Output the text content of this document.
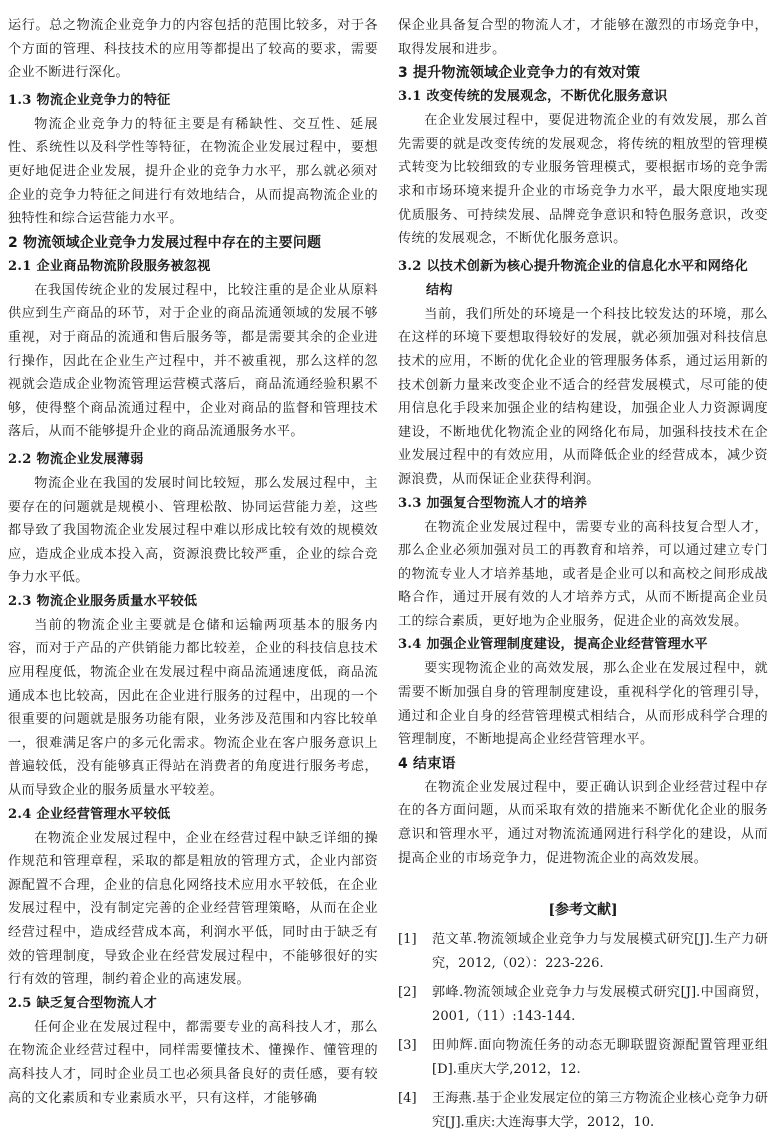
运行。总之物流企业竞争力的内容包括的范围比较多，对于各个方面的管理、科技技术的应用等都提出了较高的要求，需要企业不断进行深化。

1.3 物流企业竞争力的特征

物流企业竞争力的特征主要是有稀缺性、交互性、延展性、系统性以及科学性等特征，在物流企业发展过程中，要想更好地促进企业发展，提升企业的竞争力水平，那么就必须对企业的竞争力特征之间进行有效地结合，从而提高物流企业的独特性和综合运营能力水平。

2 物流领域企业竞争力发展过程中存在的主要问题
2.1 企业商品物流阶段服务被忽视

在我国传统企业的发展过程中，比较注重的是企业从原料供应到生产商品的环节，对于企业的商品流通领域的发展不够重视，对于商品的流通和售后服务等，都是需要其余的企业进行操作，因此在企业生产过程中，并不被重视，那么这样的忽视就会造成企业物流管理运营模式落后，商品流通经验积累不够，使得整个商品流通过程中，企业对商品的监督和管理技术落后，从而不能够提升企业的商品流通服务水平。

2.2 物流企业发展薄弱

物流企业在我国的发展时间比较短，那么发展过程中，主要存在的问题就是规模小、管理松散、协同运营能力差，这些都导致了我国物流企业发展过程中难以形成比较有效的规模效应，造成企业成本投入高，资源浪费比较严重，企业的综合竞争力水平低。

2.3 物流企业服务质量水平较低

当前的物流企业主要就是仓储和运输两项基本的服务内容，而对于产品的产供销能力都比较差，企业的科技信息技术应用程度低，物流企业在发展过程中商品流通速度低，商品流通成本也比较高，因此在企业进行服务的过程中，出现的一个很重要的问题就是服务功能有限，业务涉及范围和内容比较单一，很难满足客户的多元化需求。物流企业在客户服务意识上普遍较低，没有能够真正得站在消费者的角度进行服务考虑，从而导致企业的服务质量水平较差。

2.4 企业经营管理水平较低

在物流企业发展过程中，企业在经营过程中缺乏详细的操作规范和管理章程，采取的都是粗放的管理方式，企业内部资源配置不合理，企业的信息化网络技术应用水平较低，在企业发展过程中，没有制定完善的企业经营管理策略，从而在企业经营过程中，造成经营成本高，利润水平低，同时由于缺乏有效的管理制度，导致企业在经营发展过程中，不能够很好的实行有效的管理，制约着企业的高速发展。

2.5 缺乏复合型物流人才

任何企业在发展过程中，都需要专业的高科技人才，那么在物流企业经营过程中，同样需要懂技术、懂操作、懂管理的高科技人才，同时企业员工也必须具备良好的责任感，要有较高的文化素质和专业素质水平，只有这样，才能够确

保企业具备复合型的物流人才，才能够在激烈的市场竞争中，取得发展和进步。

3 提升物流领域企业竞争力的有效对策
3.1 改变传统的发展观念，不断优化服务意识

在企业发展过程中，要促进物流企业的有效发展，那么首先需要的就是改变传统的发展观念，将传统的粗放型的管理模式转变为比较细致的专业服务管理模式，要根据市场的竞争需求和市场环境来提升企业的市场竞争力水平，最大限度地实现优质服务、可持续发展、品牌竞争意识和特色服务意识，改变传统的发展观念，不断优化服务意识。

3.2 以技术创新为核心提升物流企业的信息化水平和网络化
结构

当前，我们所处的环境是一个科技比较发达的环境，那么在这样的环境下要想取得较好的发展，就必须加强对科技信息技术的应用，不断的优化企业的管理服务体系，通过运用新的技术创新力量来改变企业不适合的经营发展模式，尽可能的使用信息化手段来加强企业的结构建设，加强企业人力资源调度建设，不断地优化物流企业的网络化布局，加强科技技术在企业发展过程中的有效应用，从而降低企业的经营成本，减少资源浪费，从而保证企业获得利润。

3.3 加强复合型物流人才的培养

在物流企业发展过程中，需要专业的高科技复合型人才，那么企业必须加强对员工的再教育和培养，可以通过建立专门的物流专业人才培养基地，或者是企业可以和高校之间形成战略合作，通过开展有效的人才培养方式，从而不断提高企业员工的综合素质，更好地为企业服务，促进企业的高效发展。

3.4 加强企业管理制度建设，提高企业经营管理水平

要实现物流企业的高效发展，那么企业在发展过程中，就需要不断加强自身的管理制度建设，重视科学化的管理引导，通过和企业自身的经营管理模式相结合，从而形成科学合理的管理制度，不断地提高企业经营管理水平。

4 结束语

在物流企业发展过程中，要正确认识到企业经营过程中存在的各方面问题，从而采取有效的措施来不断优化企业的服务意识和管理水平，通过对物流流通网进行科学化的建设，从而提高企业的市场竞争力，促进物流企业的高效发展。

[参考文献]
[1]	范文革.物流领域企业竞争力与发展模式研究[J].生产力研究，2012,（02）：223-226.
[2]	郭峰.物流领域企业竞争力与发展模式研究[J].中国商贸，2001,（11）:143-144.
[3]	田帅辉.面向物流任务的动态无聊联盟资源配置管理亚组[D].重庆大学,2012，12.
[4]	王海燕.基于企业发展定位的第三方物流企业核心竞争力研究[J].重庆:大连海事大学，2012，10.
